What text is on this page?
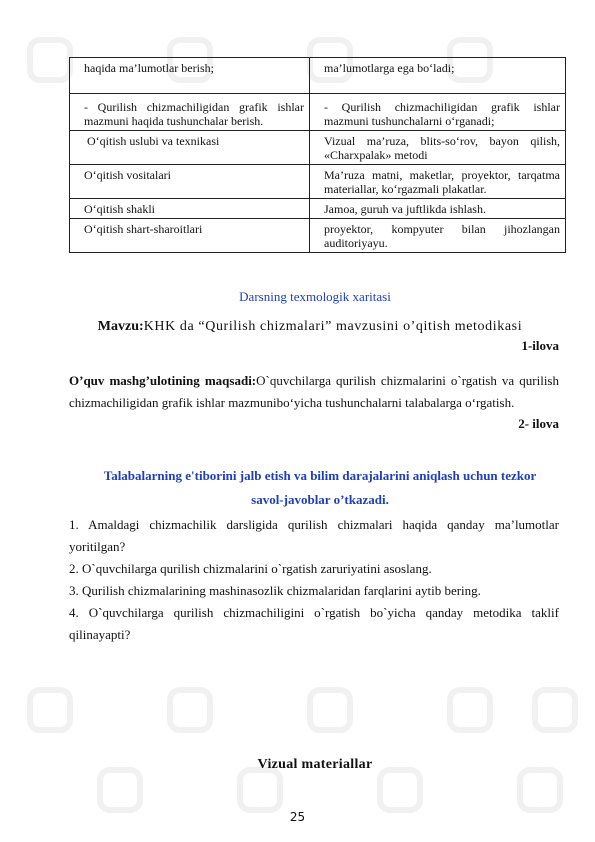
haqida ma’lumotlar berish;	ma’lumotlarga ega bo‘ladi;
- Qurilish chizmachiligidan grafik ishlar mazmuni haqida tushunchalar berish.	- Qurilish chizmachiligidan grafik ishlar mazmuni tushunchalarni o‘rganadi;
O‘qitish uslubi va texnikasi	Vizual ma’ruza, blits-so‘rov, bayon qilish, «Charxpalak» metodi
O‘qitish vositalari	Ma’ruza matni, maketlar, proyektor, tarqatma materiallar, ko‘rgazmali plakatlar.
O‘qitish shakli	Jamoa, guruh va juftlikda ishlash.
O‘qitish shart-sharoitlari	proyektor, kompyuter bilan jihozlangan auditoriyayu.
Darsning texmologik xaritasi
Mavzu:KHK da “Qurilish chizmalari” mavzusini o’qitish metodikasi
1-ilova
O’quv mashg’ulotining maqsadi:O`quvchilarga qurilish chizmalarini o`rgatish va qurilish chizmachiligidan grafik ishlar mazmunibo‘yicha tushunchalarni talabalarga o‘rgatish.
2- ilova
Talabalarning e'tiborini jalb etish va bilim darajalarini aniqlash uchun tezkor
savol-javoblar o’tkazadi.
1. Amaldagi chizmachilik darsligida qurilish chizmalari haqida qanday ma’lumotlar yoritilgan?
2. O`quvchilarga qurilish chizmalarini o`rgatish zaruriyatini asoslang.
3. Qurilish chizmalarining mashinasozlik chizmalaridan farqlarini aytib bering.
4. O`quvchilarga qurilish chizmachiligini o`rgatish bo`yicha qanday metodika taklif qilinayapti?
Vizual materiallar
25
